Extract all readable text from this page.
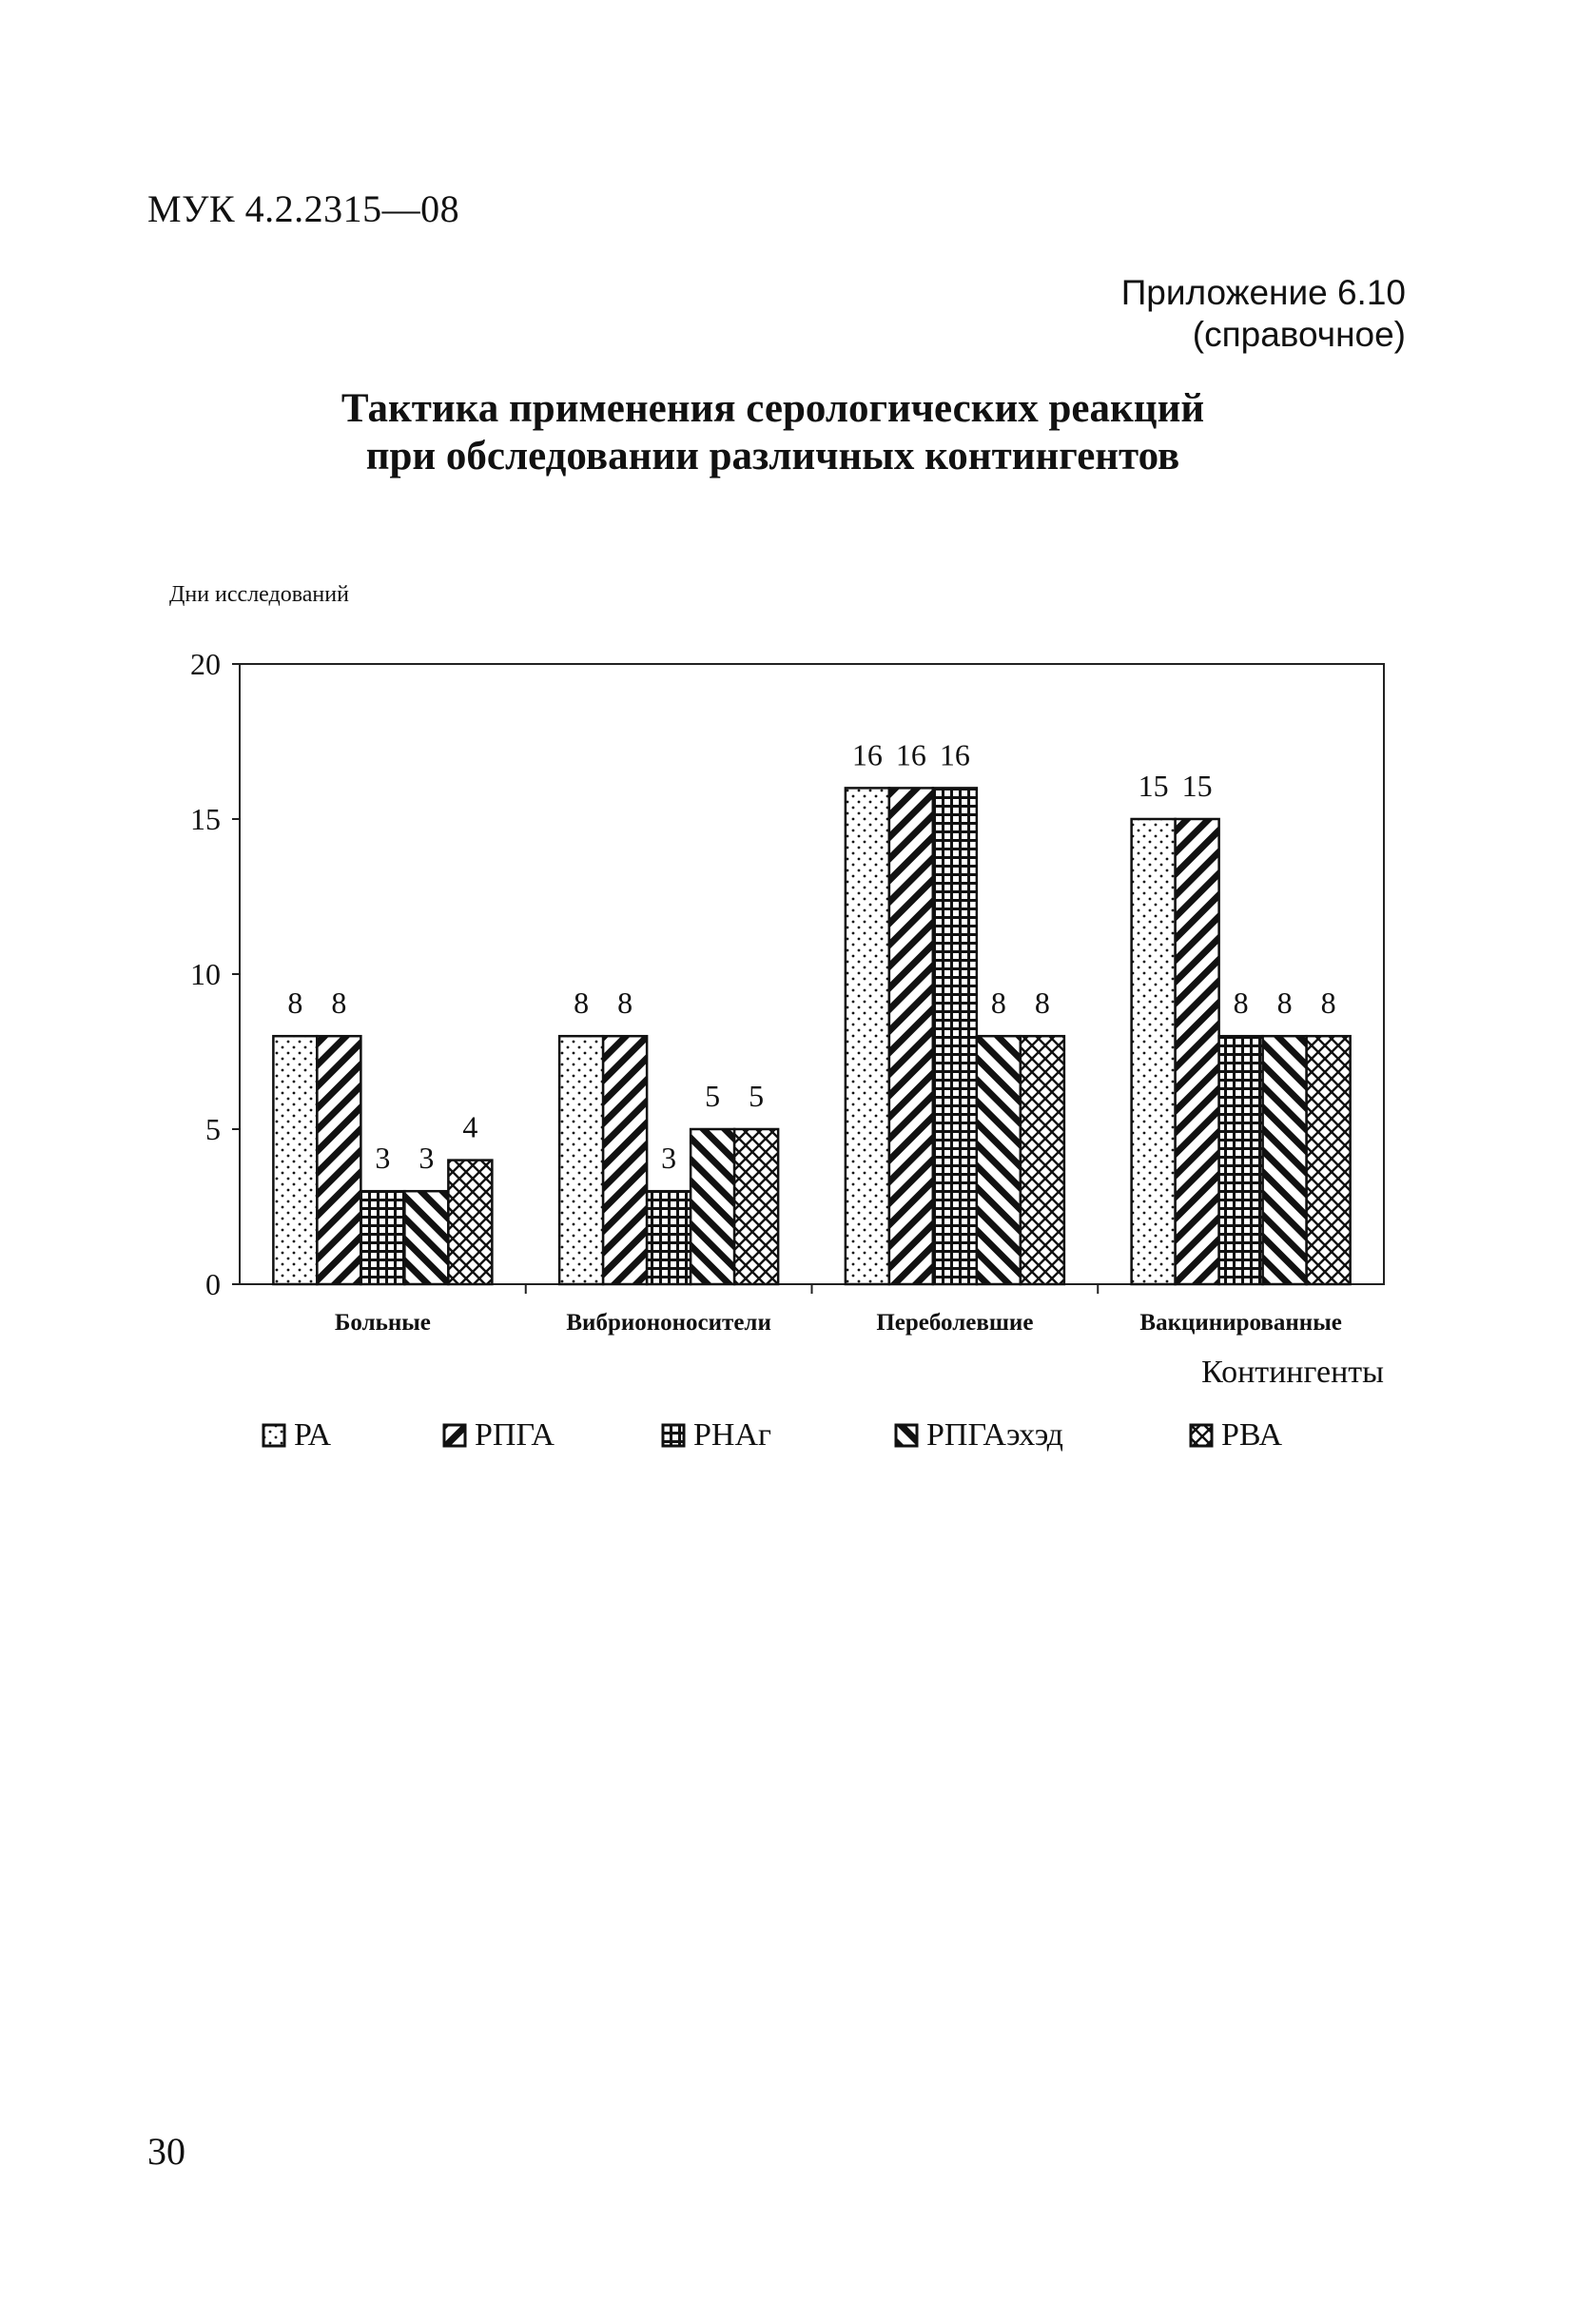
МУК 4.2.2315—08
Приложение 6.10
(справочное)
Тактика применения серологических реакций
при обследовании различных контингентов
Дни исследований
0
5
10
15
20
8 8
3 3
4
Больные
8 8
3
5 5
Вибриононосители
16 16 16
8 8
Переболевшие
15 15
8 8 8
Вакцинированные
Контингенты
РА	РПГА	РНАг	РПГАэхэд	РВА
30
